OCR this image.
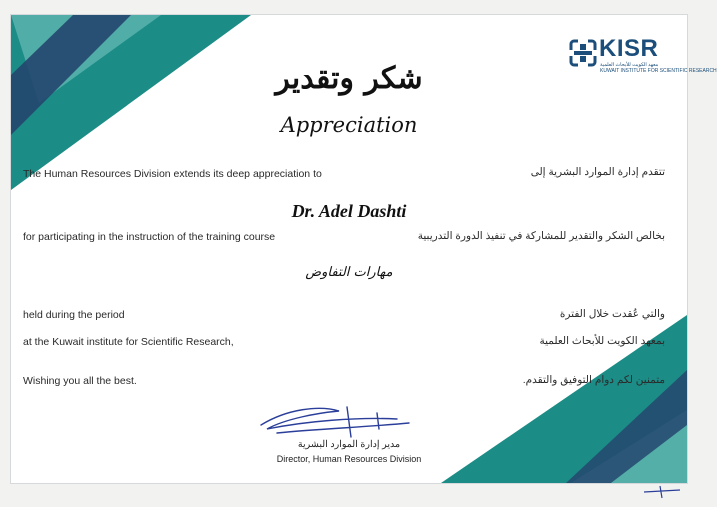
KISR
معهد الكويت للأبحاث العلمية
KUWAIT INSTITUTE FOR SCIENTIFIC RESEARCH
شكر وتقدير
Appreciation
The Human Resources Division extends its deep appreciation to	تتقدم إدارة الموارد البشرية إلى
Dr. Adel Dashti
for participating in the instruction of the training course	بخالص الشكر والتقدير للمشاركة في تنفيذ الدورة التدريبية
مهارات التفاوض
held during the period	والتي عُقدت خلال الفترة
at the Kuwait institute for Scientific Research,	بمعهد الكويت للأبحاث العلمية
Wishing you all the best.	متمنين لكم دوام التوفيق والتقدم.
مدير إدارة الموارد البشرية
Director, Human Resources Division
